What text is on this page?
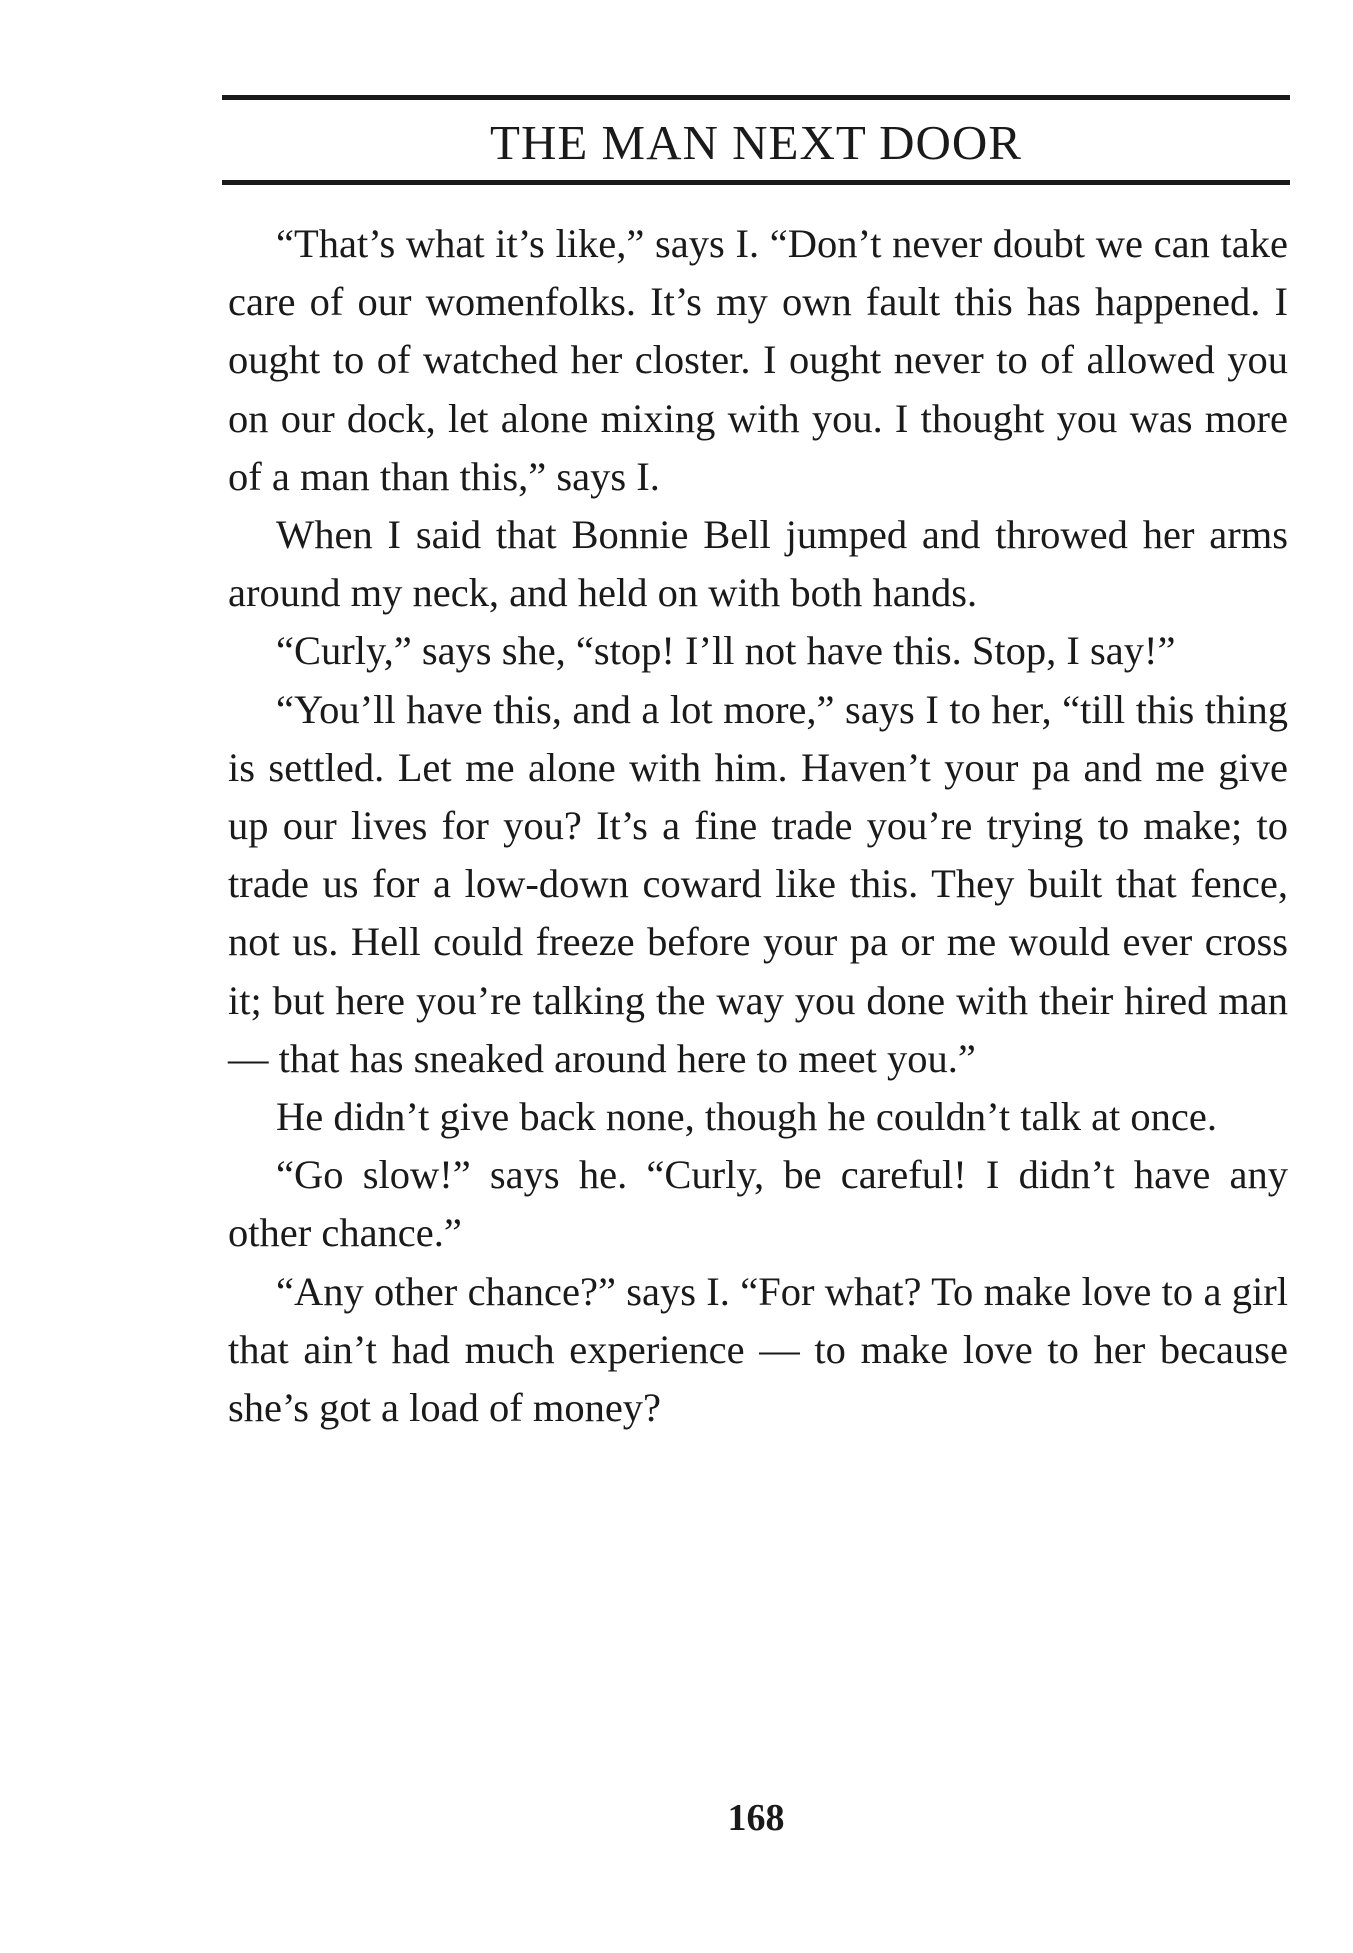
THE MAN NEXT DOOR

“That’s what it’s like,” says I. “Don’t never doubt we can take care of our womenfolks. It’s my own fault this has happened. I ought to of watched her closter. I ought never to of allowed you on our dock, let alone mixing with you. I thought you was more of a man than this,” says I.

When I said that Bonnie Bell jumped and throwed her arms around my neck, and held on with both hands.

“Curly,” says she, “stop! I’ll not have this. Stop, I say!”

“You’ll have this, and a lot more,” says I to her, “till this thing is settled. Let me alone with him. Haven’t your pa and me give up our lives for you? It’s a fine trade you’re trying to make; to trade us for a low-down coward like this. They built that fence, not us. Hell could freeze before your pa or me would ever cross it; but here you’re talking the way you done with their hired man — that has sneaked around here to meet you.”

He didn’t give back none, though he couldn’t talk at once.

“Go slow!” says he. “Curly, be careful! I didn’t have any other chance.”

“Any other chance?” says I. “For what? To make love to a girl that ain’t had much experience — to make love to her because she’s got a load of money?

168
